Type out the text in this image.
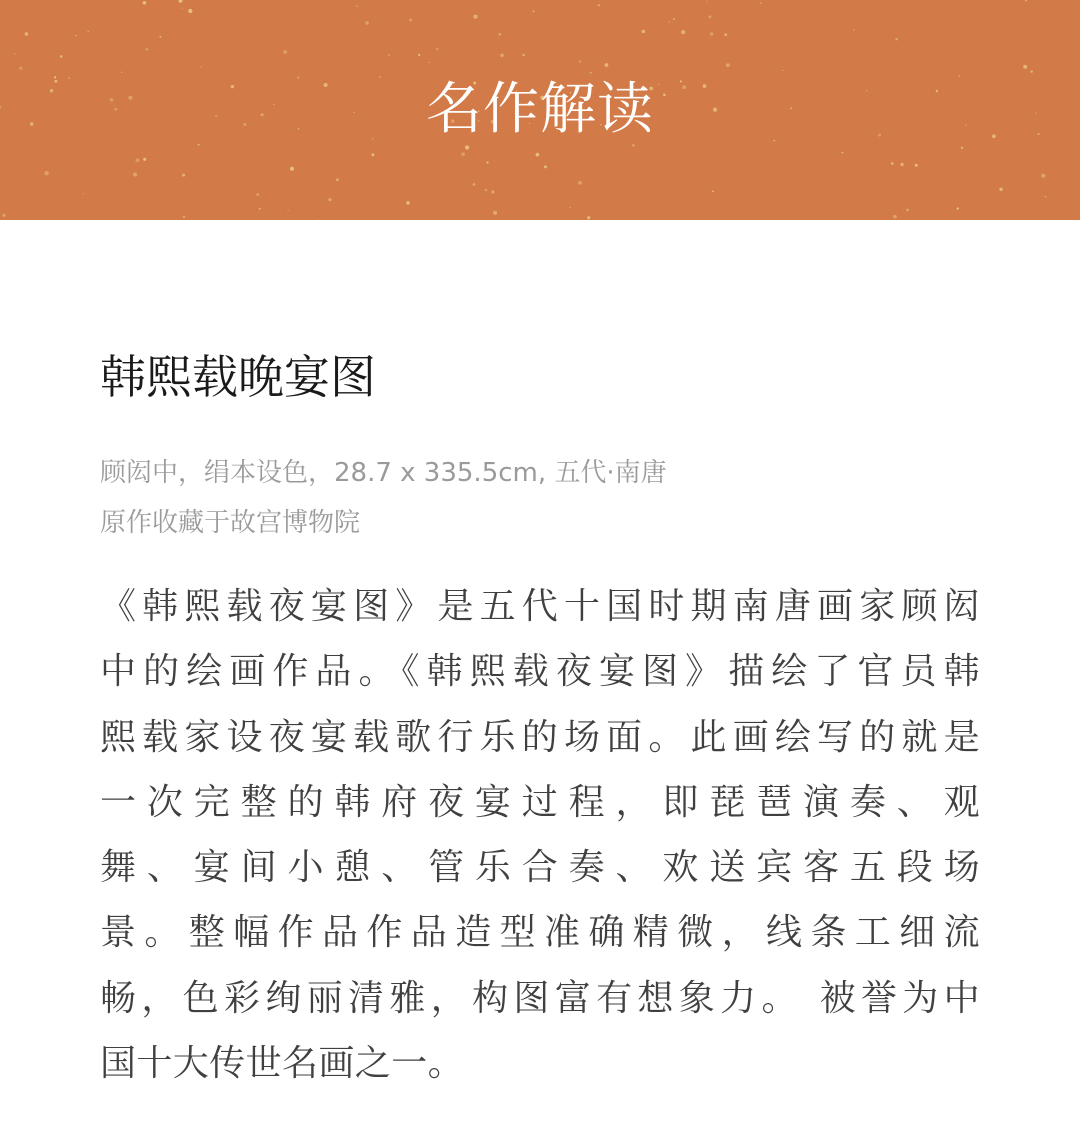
名作解读
韩熙载晚宴图
顾闳中，绢本设色，28.7 x 335.5cm, 五代·南唐
原作收藏于故宫博物院
《韩熙载夜宴图》是五代十国时期南唐画家顾闳
中的绘画作品。《韩熙载夜宴图》描绘了官员韩
熙载家设夜宴载歌行乐的场面。此画绘写的就是
一次完整的韩府夜宴过程，即琵琶演奏、观
舞、宴间小憩、管乐合奏、欢送宾客五段场
景。整幅作品作品造型准确精微，线条工细流
畅，色彩绚丽清雅，构图富有想象力。 被誉为中
国十大传世名画之一。
